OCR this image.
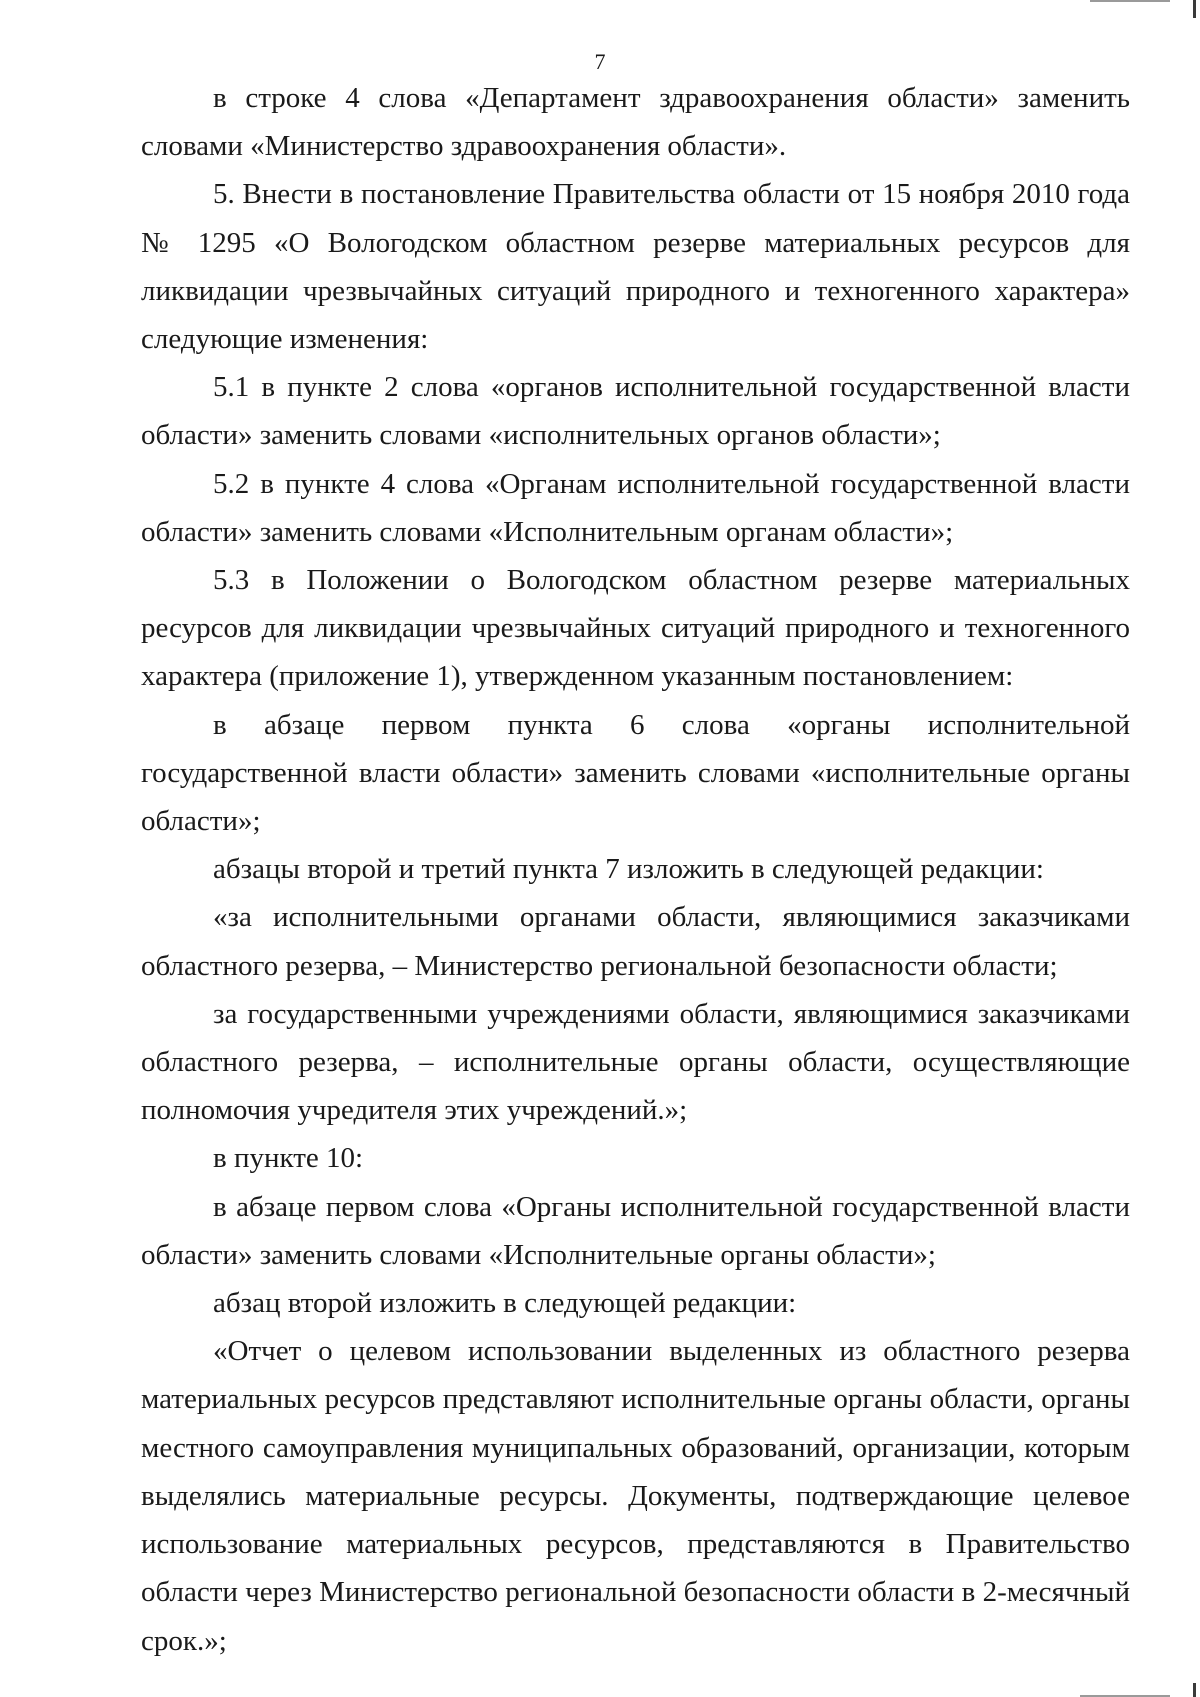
7

в строке 4 слова «Департамент здравоохранения области» заменить словами «Министерство здравоохранения области».

5. Внести в постановление Правительства области от 15 ноября 2010 года № 1295 «О Вологодском областном резерве материальных ресурсов для ликвидации чрезвычайных ситуаций природного и техногенного характера» следующие изменения:

5.1 в пункте 2 слова «органов исполнительной государственной власти области» заменить словами «исполнительных органов области»;

5.2 в пункте 4 слова «Органам исполнительной государственной власти области» заменить словами «Исполнительным органам области»;

5.3 в Положении о Вологодском областном резерве материальных ресурсов для ликвидации чрезвычайных ситуаций природного и техногенного характера (приложение 1), утвержденном указанным постановлением:

в абзаце первом пункта 6 слова «органы исполнительной государственной власти области» заменить словами «исполнительные органы области»;

абзацы второй и третий пункта 7 изложить в следующей редакции:

«за исполнительными органами области, являющимися заказчиками областного резерва, – Министерство региональной безопасности области;

за государственными учреждениями области, являющимися заказчиками областного резерва, – исполнительные органы области, осуществляющие полномочия учредителя этих учреждений.»;

в пункте 10:

в абзаце первом слова «Органы исполнительной государственной власти области» заменить словами «Исполнительные органы области»;

абзац второй изложить в следующей редакции:

«Отчет о целевом использовании выделенных из областного резерва материальных ресурсов представляют исполнительные органы области, органы местного самоуправления муниципальных образований, организации, которым выделялись материальные ресурсы. Документы, подтверждающие целевое использование материальных ресурсов, представляются в Правительство области через Министерство региональной безопасности области в 2-месячный срок.»;
